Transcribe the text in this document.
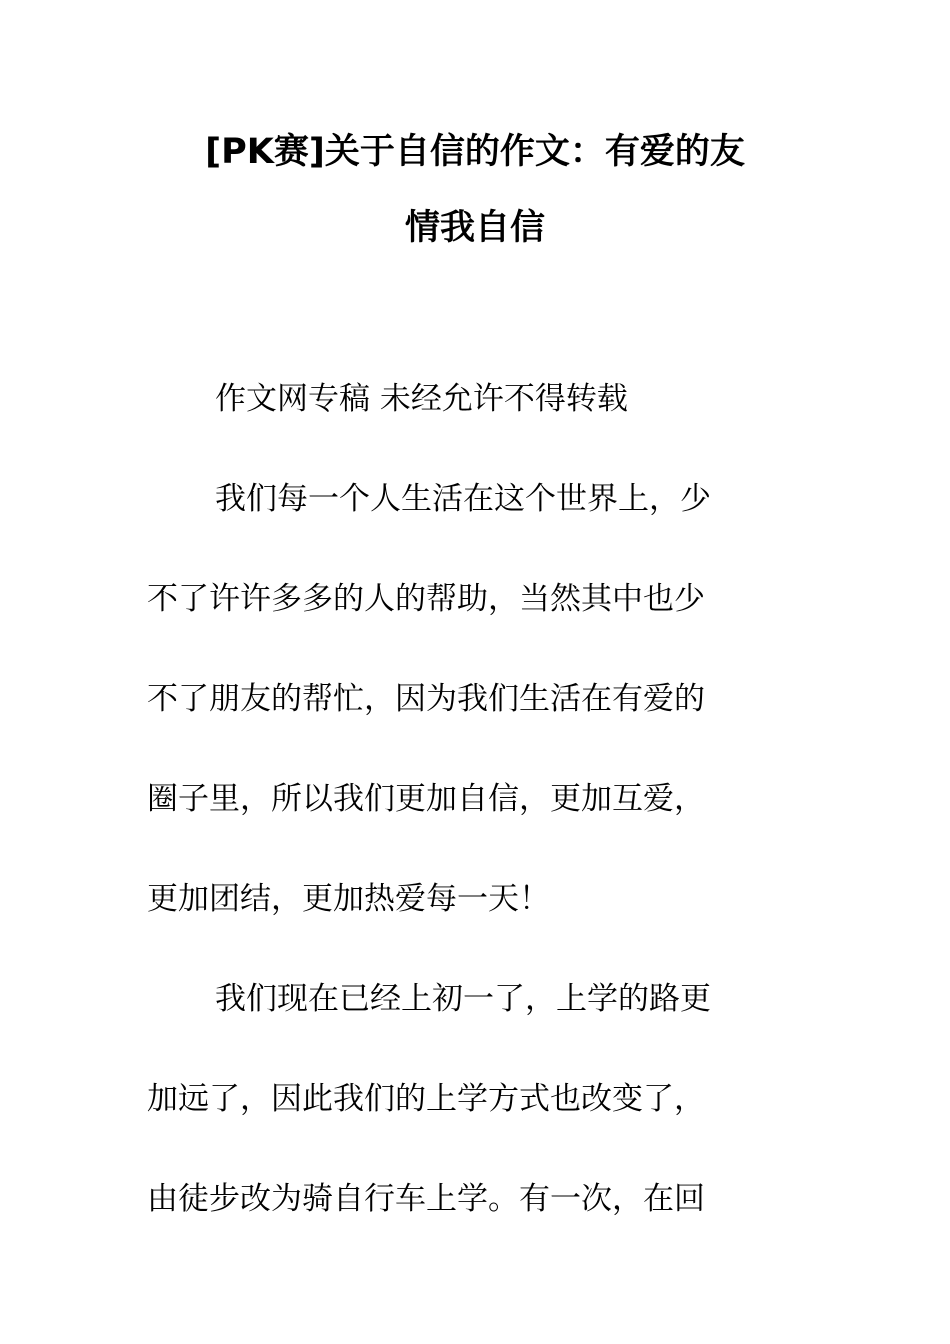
[PK赛]关于自信的作文：有爱的友
情我自信

作文网专稿 未经允许不得转载

我们每一个人生活在这个世界上，少

不了许许多多的人的帮助，当然其中也少

不了朋友的帮忙，因为我们生活在有爱的

圈子里，所以我们更加自信，更加互爱，

更加团结，更加热爱每一天！

我们现在已经上初一了，上学的路更

加远了，因此我们的上学方式也改变了，

由徒步改为骑自行车上学。有一次，在回
